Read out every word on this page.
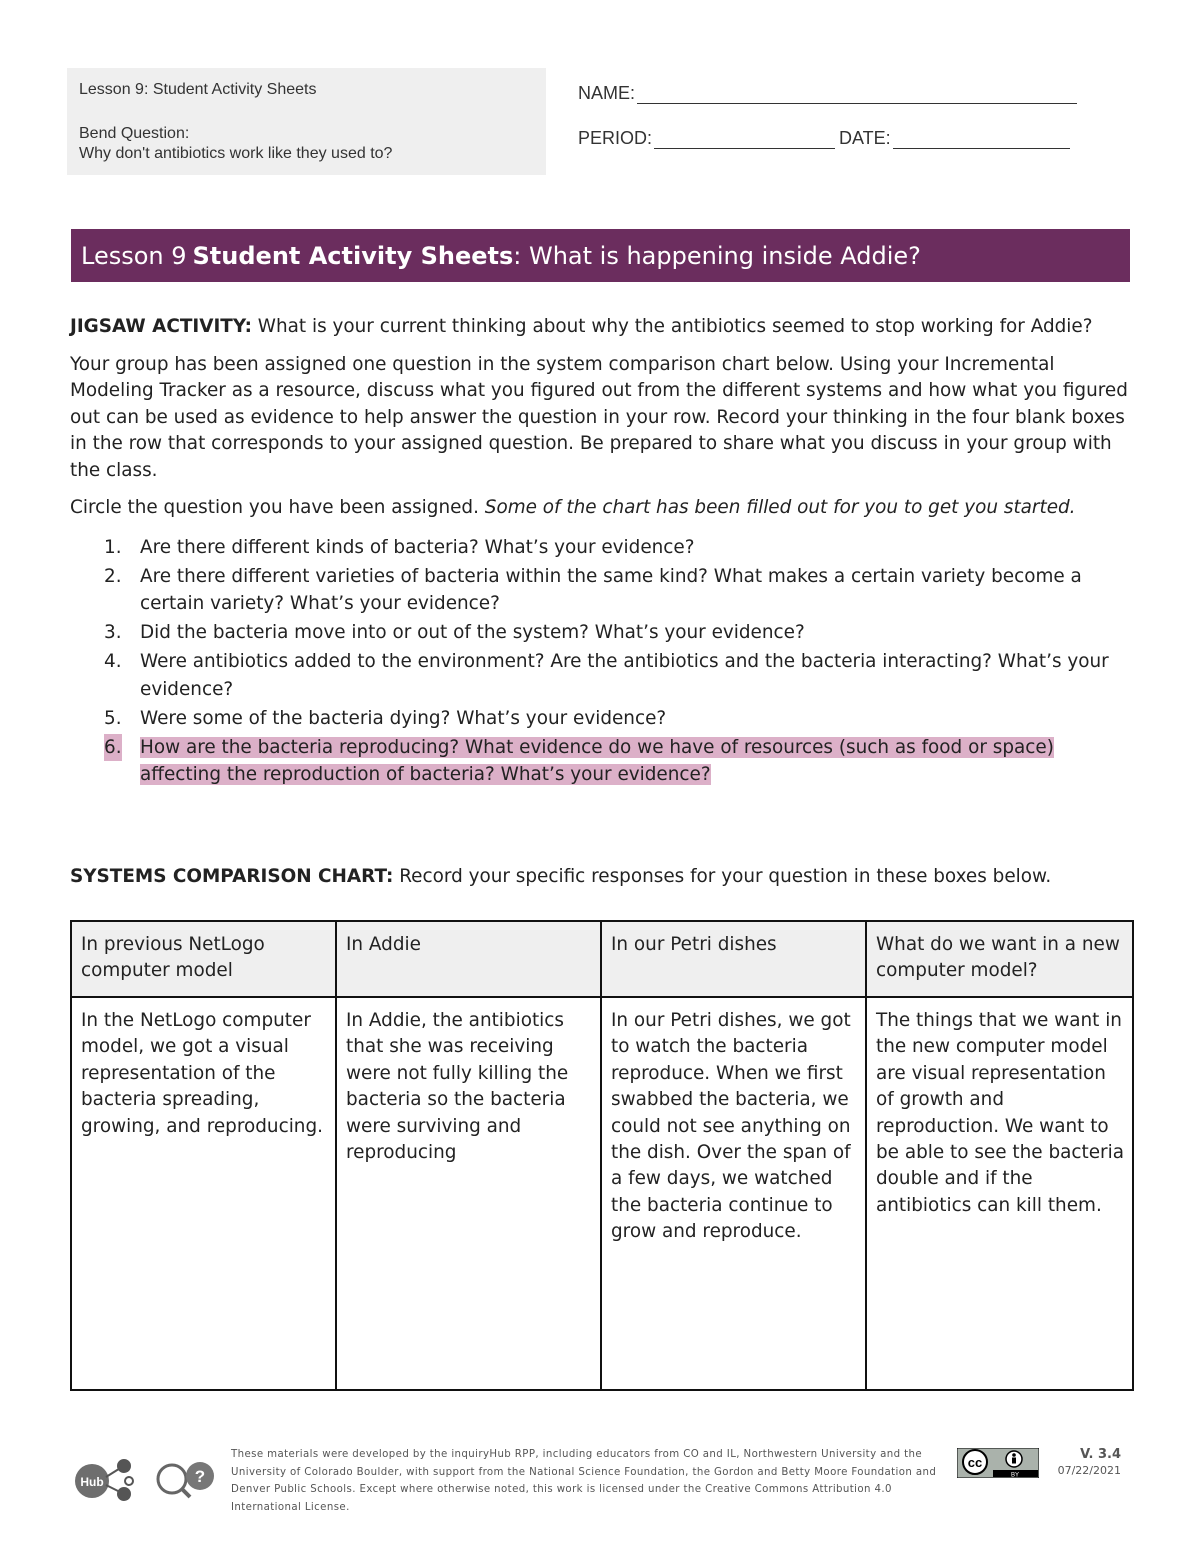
Lesson 9: Student Activity Sheets
Bend Question:
Why don't antibiotics work like they used to?
NAME:
PERIOD:	DATE:
Lesson 9 Student Activity Sheets : What is happening inside Addie?

JIGSAW ACTIVITY: What is your current thinking about why the antibiotics seemed to stop working for Addie?

Your group has been assigned one question in the system comparison chart below. Using your Incremental Modeling Tracker as a resource, discuss what you figured out from the different systems and how what you figured out can be used as evidence to help answer the question in your row. Record your thinking in the four blank boxes in the row that corresponds to your assigned question. Be prepared to share what you discuss in your group with the class.

Circle the question you have been assigned. Some of the chart has been filled out for you to get you started.

1. Are there different kinds of bacteria? What’s your evidence?
2. Are there different varieties of bacteria within the same kind? What makes a certain variety become a certain variety? What’s your evidence?
3. Did the bacteria move into or out of the system? What’s your evidence?
4. Were antibiotics added to the environment? Are the antibiotics and the bacteria interacting? What’s your evidence?
5. Were some of the bacteria dying? What’s your evidence?
6. How are the bacteria reproducing? What evidence do we have of resources (such as food or space) affecting the reproduction of bacteria? What’s your evidence?
SYSTEMS COMPARISON CHART: Record your specific responses for your question in these boxes below.
In previous NetLogo computer model	In Addie	In our Petri dishes	What do we want in a new computer model?
In the NetLogo computer model, we got a visual representation of the bacteria spreading, growing, and reproducing.	In Addie, the antibiotics that she was receiving were not fully killing the bacteria so the bacteria were surviving and reproducing	In our Petri dishes, we got to watch the bacteria reproduce. When we first swabbed the bacteria, we could not see anything on the dish. Over the span of a few days, we watched the bacteria continue to grow and reproduce.	The things that we want in the new computer model are visual representation of growth and reproduction. We want to be able to see the bacteria double and if the antibiotics can kill them.
Hub	?
These materials were developed by the inquiryHub RPP, including educators from CO and IL, Northwestern University and the University of Colorado Boulder, with support from the National Science Foundation, the Gordon and Betty Moore Foundation and Denver Public Schools. Except where otherwise noted, this work is licensed under the Creative Commons Attribution 4.0 International License.
cc
BY
V. 3.4
07/22/2021
